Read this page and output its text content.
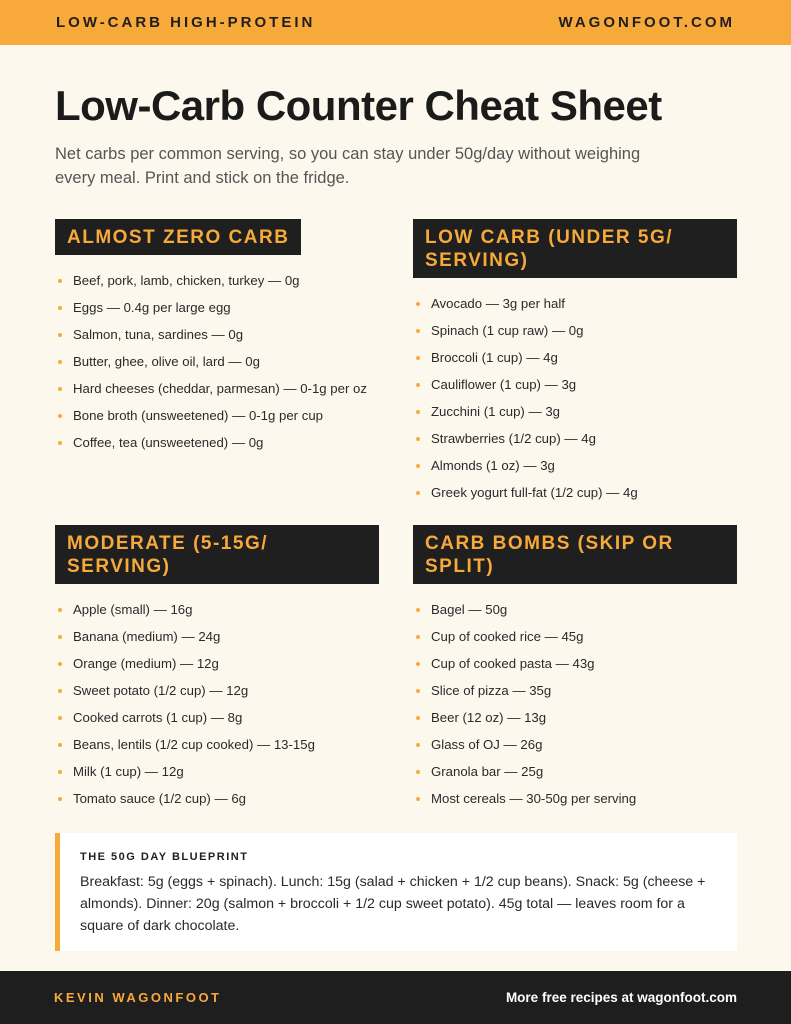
LOW-CARB HIGH-PROTEIN	WAGONFOOT.COM
Low-Carb Counter Cheat Sheet

Net carbs per common serving, so you can stay under 50g/day without weighing every meal. Print and stick on the fridge.

ALMOST ZERO CARB
Beef, pork, lamb, chicken, turkey — 0g
Eggs — 0.4g per large egg
Salmon, tuna, sardines — 0g
Butter, ghee, olive oil, lard — 0g
Hard cheeses (cheddar, parmesan) — 0-1g per oz
Bone broth (unsweetened) — 0-1g per cup
Coffee, tea (unsweetened) — 0g
LOW CARB (UNDER 5G/ SERVING)
Avocado — 3g per half
Spinach (1 cup raw) — 0g
Broccoli (1 cup) — 4g
Cauliflower (1 cup) — 3g
Zucchini (1 cup) — 3g
Strawberries (1/2 cup) — 4g
Almonds (1 oz) — 3g
Greek yogurt full-fat (1/2 cup) — 4g
MODERATE (5-15G/ SERVING)
Apple (small) — 16g
Banana (medium) — 24g
Orange (medium) — 12g
Sweet potato (1/2 cup) — 12g
Cooked carrots (1 cup) — 8g
Beans, lentils (1/2 cup cooked) — 13-15g
Milk (1 cup) — 12g
Tomato sauce (1/2 cup) — 6g
CARB BOMBS (SKIP OR SPLIT)
Bagel — 50g
Cup of cooked rice — 45g
Cup of cooked pasta — 43g
Slice of pizza — 35g
Beer (12 oz) — 13g
Glass of OJ — 26g
Granola bar — 25g
Most cereals — 30-50g per serving
THE 50G DAY BLUEPRINT

Breakfast: 5g (eggs + spinach). Lunch: 15g (salad + chicken + 1/2 cup beans). Snack: 5g (cheese + almonds). Dinner: 20g (salmon + broccoli + 1/2 cup sweet potato). 45g total — leaves room for a square of dark chocolate.

KEVIN WAGONFOOT	More free recipes at wagonfoot.com
